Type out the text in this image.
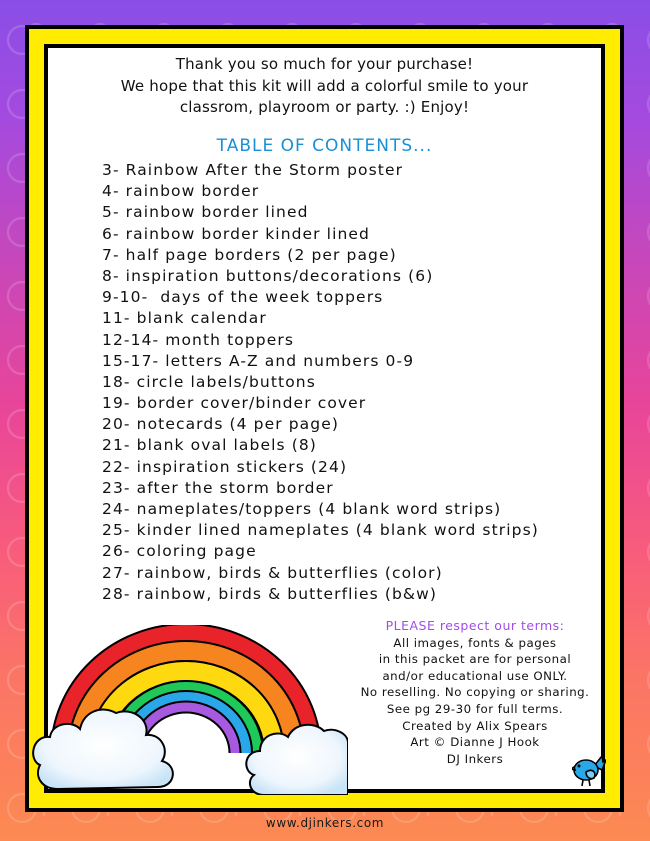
Thank you so much for your purchase!
We hope that this kit will add a colorful smile to your
classrom, playroom or party. :) Enjoy!
TABLE OF CONTENTS...
3- Rainbow After the Storm poster
4- rainbow border
5- rainbow border lined
6- rainbow border kinder lined
7- half page borders (2 per page)
8- inspiration buttons/decorations (6)
9-10-  days of the week toppers
11- blank calendar
12-14- month toppers
15-17- letters A-Z and numbers 0-9
18- circle labels/buttons
19- border cover/binder cover
20- notecards (4 per page)
21- blank oval labels (8)
22- inspiration stickers (24)
23- after the storm border
24- nameplates/toppers (4 blank word strips)
25- kinder lined nameplates (4 blank word strips)
26- coloring page
27- rainbow, birds & butterflies (color)
28- rainbow, birds & butterflies (b&w)
PLEASE respect our terms:
All images, fonts & pages
in this packet are for personal
and/or educational use ONLY.
No reselling. No copying or sharing.
See pg 29-30 for full terms.
Created by Alix Spears
Art © Dianne J Hook
DJ Inkers
www.djinkers.com
